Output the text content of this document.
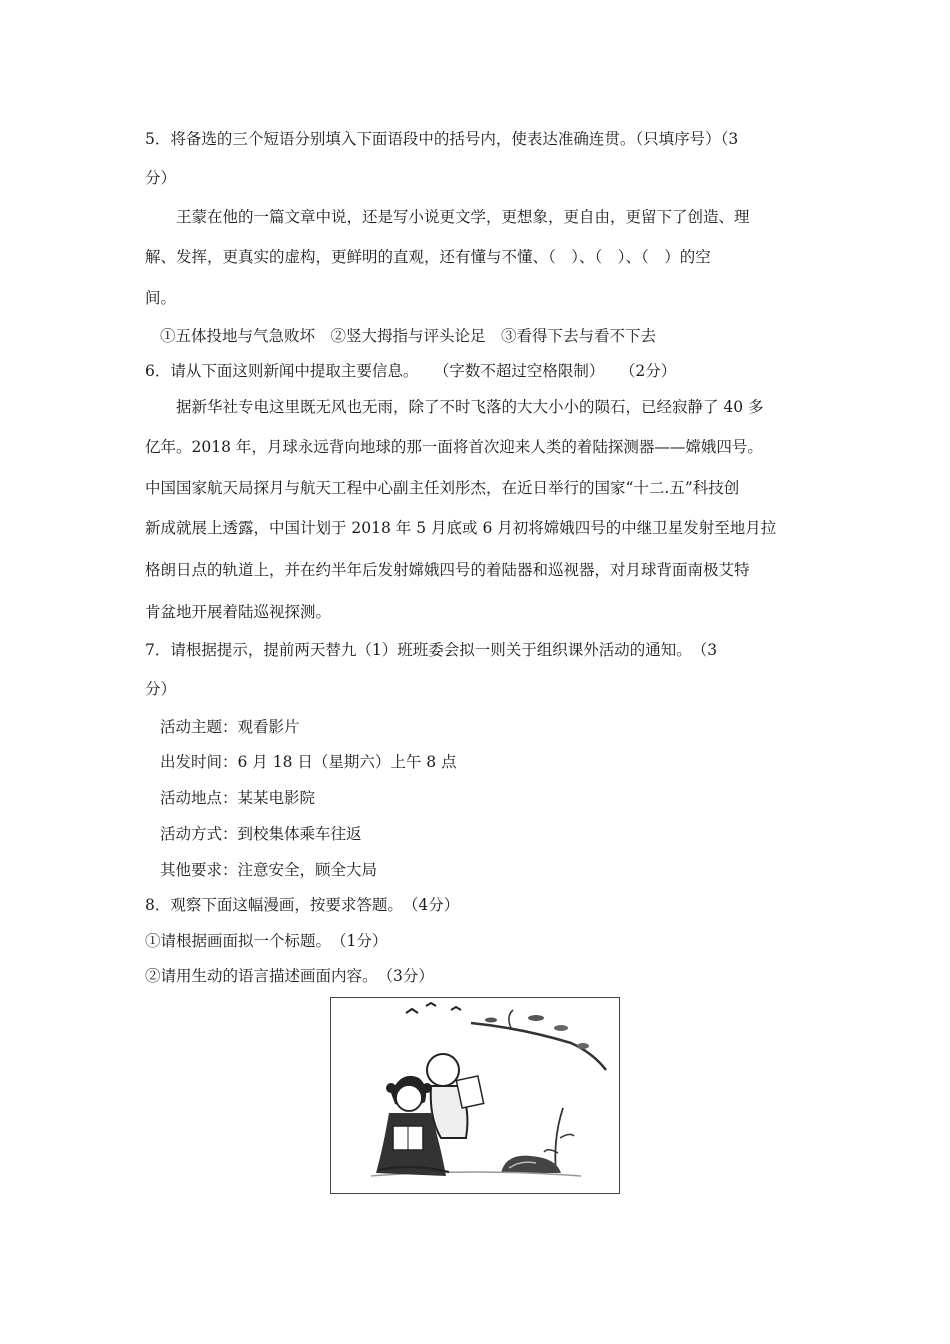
5．将备选的三个短语分别填入下面语段中的括号内，使表达准确连贯。（只填序号）（3
分）
王蒙在他的一篇文章中说，还是写小说更文学，更想象，更自由，更留下了创造、理
解、发挥，更真实的虚构，更鲜明的直观，还有懂与不懂、（　）、（　）、（　）的空
间。
①五体投地与气急败坏　②竖大拇指与评头论足　③看得下去与看不下去
6．请从下面这则新闻中提取主要信息。　　（字数不超过空格限制）　　（2分）
据新华社专电这里既无风也无雨，除了不时飞落的大大小小的陨石，已经寂静了 40 多
亿年。2018 年，月球永远背向地球的那一面将首次迎来人类的着陆探测器——嫦娥四号。
中国国家航天局探月与航天工程中心副主任刘彤杰，在近日举行的国家“十二.五”科技创
新成就展上透露，中国计划于 2018 年 5 月底或 6 月初将嫦娥四号的中继卫星发射至地月拉
格朗日点的轨道上，并在约半年后发射嫦娥四号的着陆器和巡视器，对月球背面南极艾特
肯盆地开展着陆巡视探测。
7．请根据提示，提前两天替九（1）班班委会拟一则关于组织课外活动的通知。　（3
分）
活动主题：观看影片
出发时间：6 月 18 日（星期六）上午 8 点
活动地点：某某电影院
活动方式：到校集体乘车往返
其他要求：注意安全，顾全大局
8．观察下面这幅漫画，按要求答题。　（4分）
①请根据画面拟一个标题。　（1分）
②请用生动的语言描述画面内容。　（3分）
